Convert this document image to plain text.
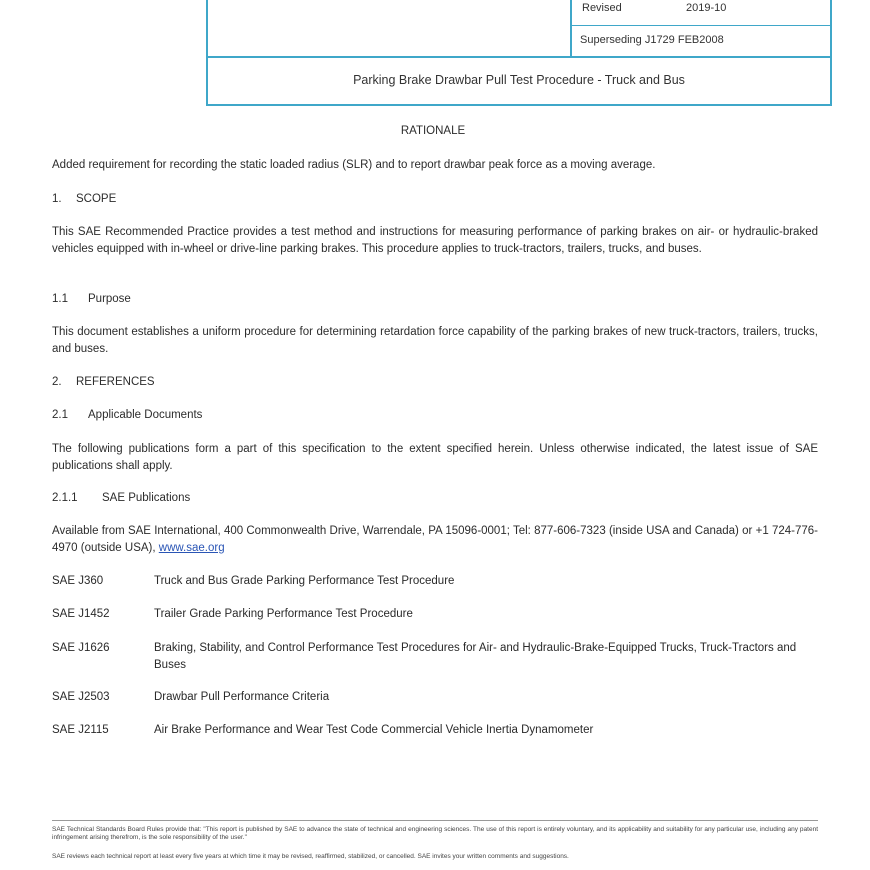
Revised	2019-10
Superseding J1729 FEB2008
Parking Brake Drawbar Pull Test Procedure - Truck and Bus
RATIONALE
Added requirement for recording the static loaded radius (SLR) and to report drawbar peak force as a moving average.
1. SCOPE
This SAE Recommended Practice provides a test method and instructions for measuring performance of parking brakes on air- or hydraulic-braked vehicles equipped with in-wheel or drive-line parking brakes. This procedure applies to truck-tractors, trailers, trucks, and buses.
1.1 Purpose
This document establishes a uniform procedure for determining retardation force capability of the parking brakes of new truck-tractors, trailers, trucks, and buses.
2. REFERENCES
2.1 Applicable Documents
The following publications form a part of this specification to the extent specified herein. Unless otherwise indicated, the latest issue of SAE publications shall apply.
2.1.1 SAE Publications
Available from SAE International, 400 Commonwealth Drive, Warrendale, PA 15096-0001; Tel: 877-606-7323 (inside USA and Canada) or +1 724-776-4970 (outside USA), www.sae.org
SAE J360	Truck and Bus Grade Parking Performance Test Procedure
SAE J1452	Trailer Grade Parking Performance Test Procedure
SAE J1626	Braking, Stability, and Control Performance Test Procedures for Air- and Hydraulic-Brake-Equipped Trucks, Truck-Tractors and Buses
SAE J2503	Drawbar Pull Performance Criteria
SAE J2115	Air Brake Performance and Wear Test Code Commercial Vehicle Inertia Dynamometer
SAE Technical Standards Board Rules provide that: "This report is published by SAE to advance the state of technical and engineering sciences. The use of this report is entirely voluntary, and its applicability and suitability for any particular use, including any patent infringement arising therefrom, is the sole responsibility of the user."
SAE reviews each technical report at least every five years at which time it may be revised, reaffirmed, stabilized, or cancelled. SAE invites your written comments and suggestions.
